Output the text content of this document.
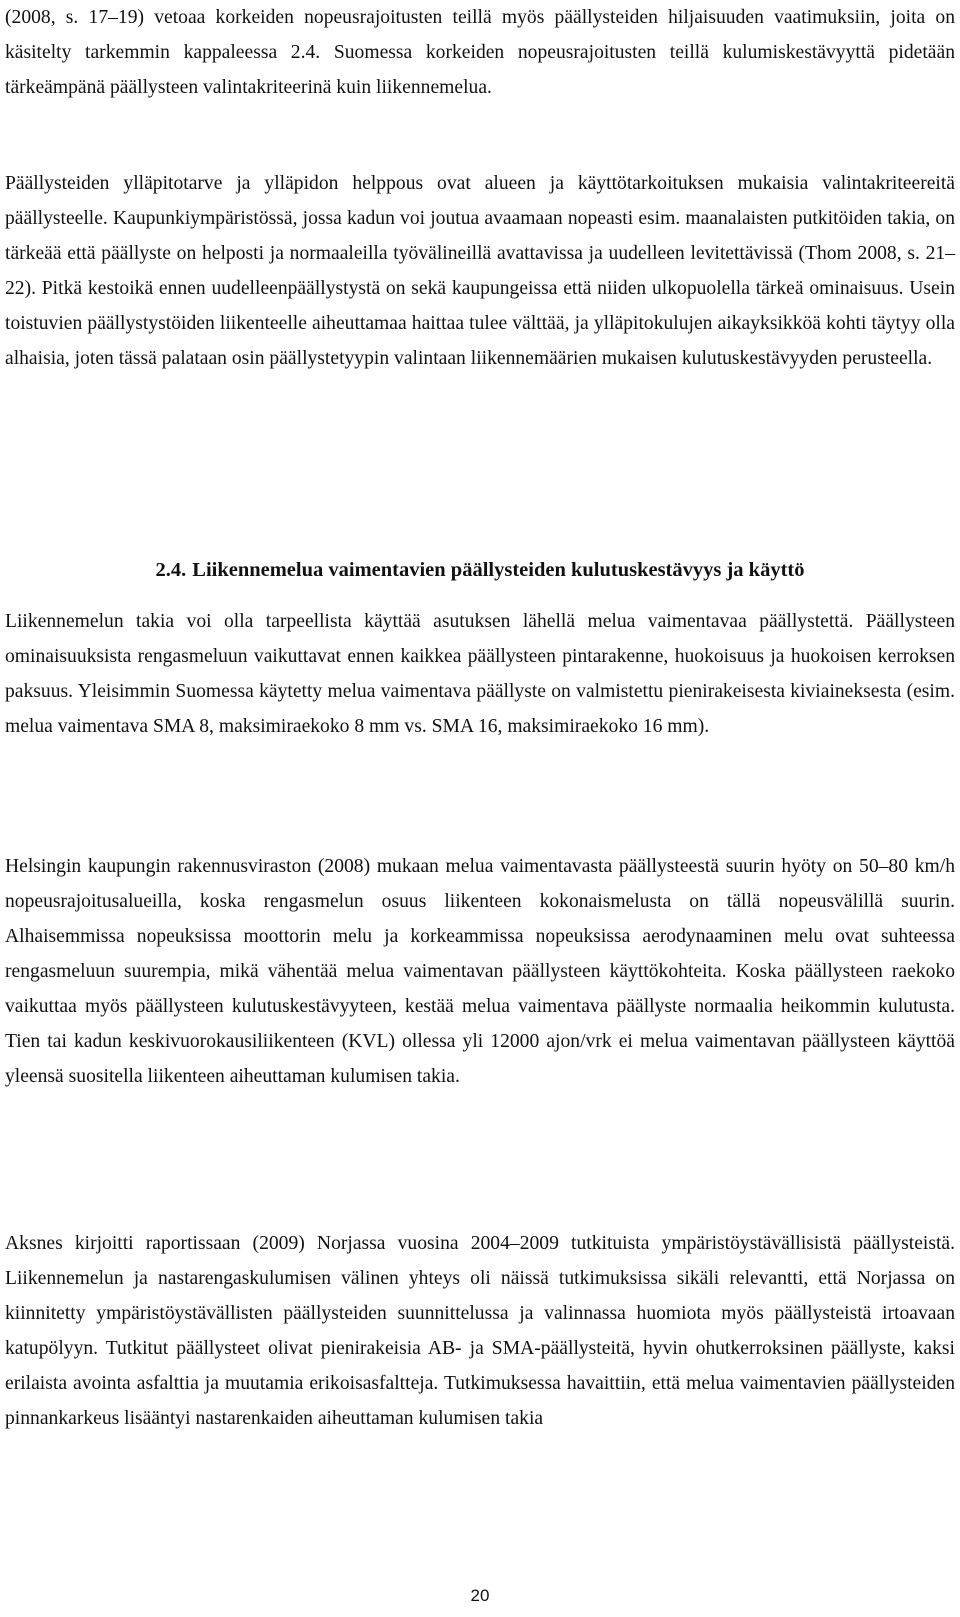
(2008, s. 17–19) vetoaa korkeiden nopeusrajoitusten teillä myös päällysteiden hiljaisuuden vaatimuksiin, joita on käsitelty tarkemmin kappaleessa 2.4. Suomessa korkeiden nopeusrajoitusten teillä kulumiskestävyyttä pidetään tärkeämpänä päällysteen valintakriteerinä kuin liikennemelua.

Päällysteiden ylläpitotarve ja ylläpidon helppous ovat alueen ja käyttötarkoituksen mukaisia valintakriteereitä päällysteelle. Kaupunkiympäristössä, jossa kadun voi joutua avaamaan nopeasti esim. maanalaisten putkitöiden takia, on tärkeää että päällyste on helposti ja normaaleilla työvälineillä avattavissa ja uudelleen levitettävissä (Thom 2008, s. 21–22). Pitkä kestoikä ennen uudelleenpäällystystä on sekä kaupungeissa että niiden ulkopuolella tärkeä ominaisuus. Usein toistuvien päällystystöiden liikenteelle aiheuttamaa haittaa tulee välttää, ja ylläpitokulujen aikayksikköä kohti täytyy olla alhaisia, joten tässä palataan osin päällystetyypin valintaan liikennemäärien mukaisen kulutuskestävyyden perusteella.

2.4. Liikennemelua vaimentavien päällysteiden kulutuskestävyys ja käyttö

Liikennemelun takia voi olla tarpeellista käyttää asutuksen lähellä melua vaimentavaa päällystettä. Päällysteen ominaisuuksista rengasmeluun vaikuttavat ennen kaikkea päällysteen pintarakenne, huokoisuus ja huokoisen kerroksen paksuus. Yleisimmin Suomessa käytetty melua vaimentava päällyste on valmistettu pienirakeisesta kiviaineksesta (esim. melua vaimentava SMA 8, maksimiraekoko 8 mm vs. SMA 16, maksimiraekoko 16 mm).

Helsingin kaupungin rakennusviraston (2008) mukaan melua vaimentavasta päällysteestä suurin hyöty on 50–80 km/h nopeusrajoitusalueilla, koska rengasmelun osuus liikenteen kokonaismelusta on tällä nopeusvälillä suurin. Alhaisemmissa nopeuksissa moottorin melu ja korkeammissa nopeuksissa aerodynaaminen melu ovat suhteessa rengasmeluun suurempia, mikä vähentää melua vaimentavan päällysteen käyttökohteita. Koska päällysteen raekoko vaikuttaa myös päällysteen kulutuskestävyyteen, kestää melua vaimentava päällyste normaalia heikommin kulutusta. Tien tai kadun keskivuorokausiliikenteen (KVL) ollessa yli 12000 ajon/vrk ei melua vaimentavan päällysteen käyttöä yleensä suositella liikenteen aiheuttaman kulumisen takia.

Aksnes kirjoitti raportissaan (2009) Norjassa vuosina 2004–2009 tutkituista ympäristöystävällisistä päällysteistä. Liikennemelun ja nastarengaskulumisen välinen yhteys oli näissä tutkimuksissa sikäli relevantti, että Norjassa on kiinnitetty ympäristöystävällisten päällysteiden suunnittelussa ja valinnassa huomiota myös päällysteistä irtoavaan katupölyyn. Tutkitut päällysteet olivat pienirakeisia AB- ja SMA-päällysteitä, hyvin ohutkerroksinen päällyste, kaksi erilaista avointa asfalttia ja muutamia erikoisasfaltteja. Tutkimuksessa havaittiin, että melua vaimentavien päällysteiden pinnankarkeus lisääntyi nastarenkaiden aiheuttaman kulumisen takia

20
